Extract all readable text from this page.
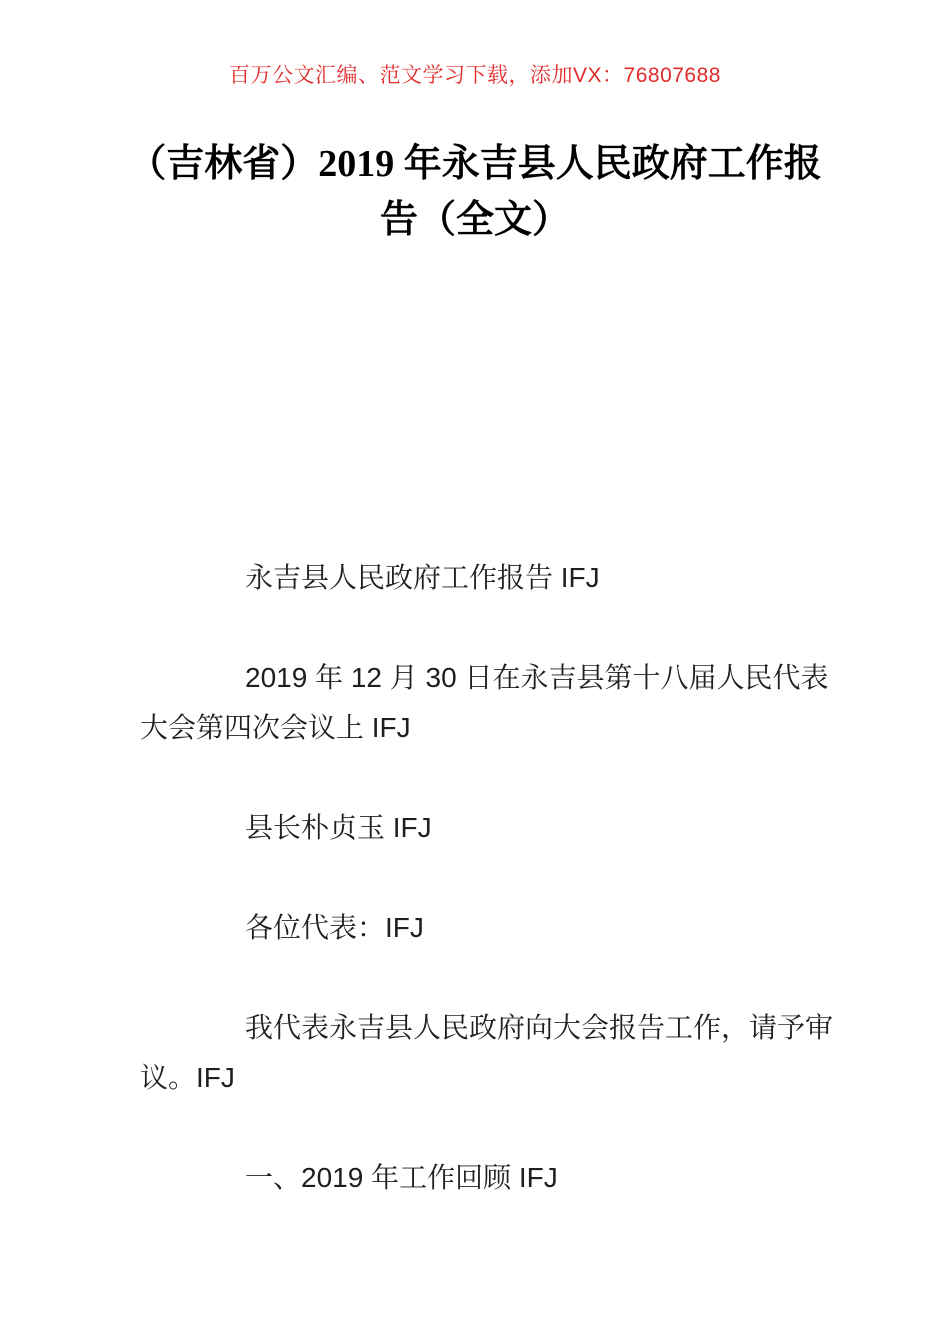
百万公文汇编、范文学习下载，添加VX：76807688
（吉林省）2019 年永吉县人民政府工作报
告（全文）

永吉县人民政府工作报告 IFJ

2019 年 12 月 30 日在永吉县第十八届人民代表
大会第四次会议上 IFJ

县长朴贞玉 IFJ

各位代表：IFJ

我代表永吉县人民政府向大会报告工作，请予审
议。IFJ

一、2019 年工作回顾 IFJ
